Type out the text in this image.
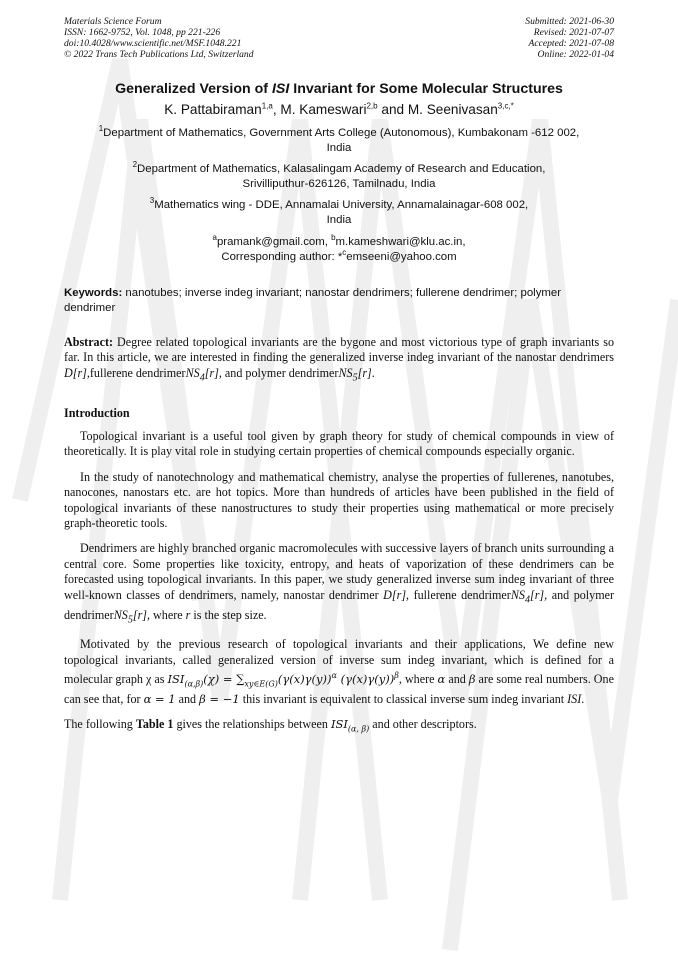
Materials Science Forum
ISSN: 1662-9752, Vol. 1048, pp 221-226
doi:10.4028/www.scientific.net/MSF.1048.221
© 2022 Trans Tech Publications Ltd, Switzerland
Submitted: 2021-06-30
Revised: 2021-07-07
Accepted: 2021-07-08
Online: 2022-01-04
Generalized Version of ISI Invariant for Some Molecular Structures
K. Pattabiraman$^{1,a}$, M. Kameswari$^{2,b}$ and M. Seenivasan$^{3,c,*}$
$^1$Department of Mathematics, Government Arts College (Autonomous), Kumbakonam -612 002,
India
$^2$Department of Mathematics, Kalasalingam Academy of Research and Education,
Srivilliputhur-626126, Tamilnadu, India
$^3$Mathematics wing - DDE, Annamalai University, Annamalainagar-608 002,
India
$^a$pramank@gmail.com, $^b$m.kameshwari@klu.ac.in,
Corresponding author: *$^c$emseeni@yahoo.com
Keywords: nanotubes; inverse indeg invariant; nanostar dendrimers; fullerene dendrimer; polymer dendrimer
Abstract: Degree related topological invariants are the bygone and most victorious type of graph invariants so far. In this article, we are interested in finding the generalized inverse indeg invariant of the nanostar dendrimers D[r],fullerene dendrimerNS$_4$[r], and polymer dendrimerNS$_5$[r].
Introduction
Topological invariant is a useful tool given by graph theory for study of chemical compounds in view of theoretically. It is play vital role in studying certain properties of chemical compounds especially organic.
In the study of nanotechnology and mathematical chemistry, analyse the properties of fullerenes, nanotubes, nanocones, nanostars etc. are hot topics. More than hundreds of articles have been published in the field of topological invariants of these nanostructures to study their properties using mathematical or more precisely graph-theoretic tools.
Dendrimers are highly branched organic macromolecules with successive layers of branch units surrounding a central core. Some properties like toxicity, entropy, and heats of vaporization of these dendrimers can be forecasted using topological invariants. In this paper, we study generalized inverse sum indeg invariant of three well-known classes of dendrimers, namely, nanostar dendrimer D[r], fullerene dendrimerNS$_4$[r], and polymer dendrimerNS$_5$[r], where r is the step size.
Motivated by the previous research of topological invariants and their applications, We define new topological invariants, called generalized version of inverse sum indeg invariant, which is defined for a molecular graph χ as $ISI_{(\alpha,\beta)}(\chi) = \sum_{xy\in E(G)}(\gamma(x)\gamma(y))^\alpha$ $(\gamma(x)\gamma(y))^\beta$, where α and β are some real numbers. One can see that, for α = 1 and β = −1 this invariant is equivalent to classical inverse sum indeg invariant ISI.
The following Table 1 gives the relationships between $ISI_{(\alpha, \beta)}$ and other descriptors.
